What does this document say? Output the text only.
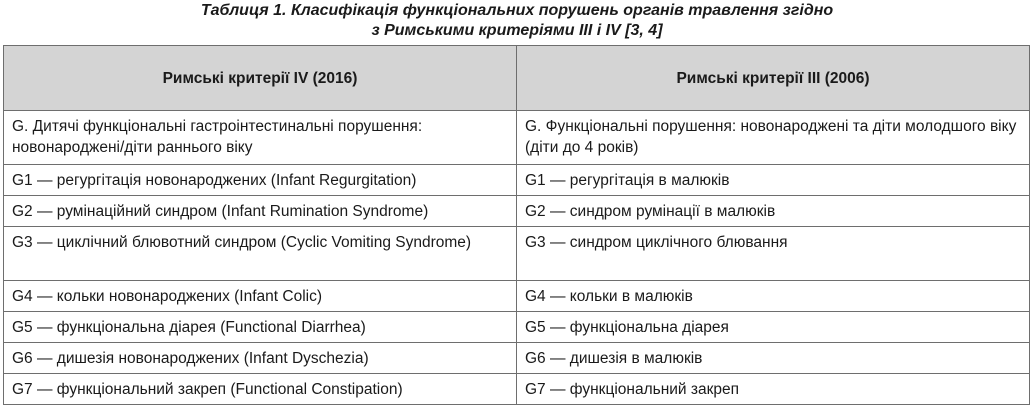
Таблиця 1. Класифікація функціональних порушень органів травлення згідно
з Римськими критеріями III і IV [3, 4]
Римські критерії IV (2016)	Римські критерії III (2006)
G. Дитячі функціональні гастроінтестинальні порушення: новонароджені/діти раннього віку	G. Функціональні порушення: новонароджені та діти молодшого віку (діти до 4 років)
G1 — регургітація новонароджених (Infant Regurgitation)	G1 — регургітація в малюків
G2 — румінаційний синдром (Infant Rumination Syndrome)	G2 — синдром румінації в малюків
G3 — циклічний блювотний синдром (Cyclic Vomiting Syndrome)	G3 — синдром циклічного блювання
G4 — кольки новонароджених (Infant Colic)	G4 — кольки в малюків
G5 — функціональна діарея (Functional Diarrhea)	G5 — функціональна діарея
G6 — дишезія новонароджених (Infant Dyschezia)	G6 — дишезія в малюків
G7 — функціональний закреп (Functional Constipation)	G7 — функціональний закреп
